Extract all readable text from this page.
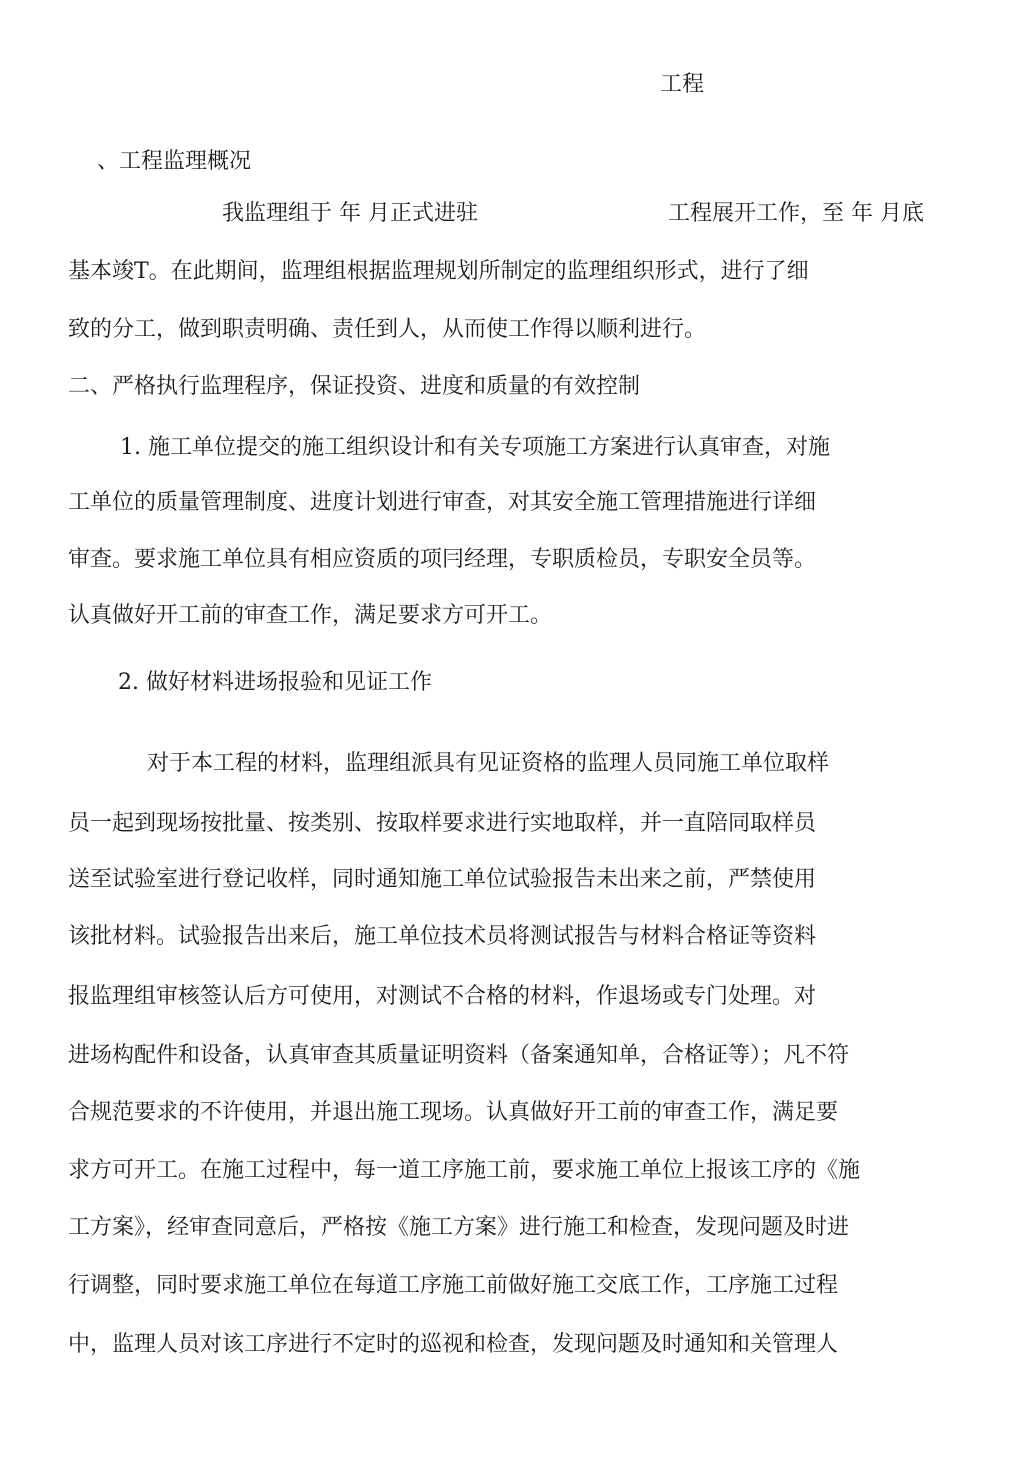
工程
、工程监理概况
我监理组于 年 月正式进驻	工程展开工作，至 年 月底
基本竣T。在此期间，监理组根据监理规划所制定的监理组织形式，进行了细
致的分工，做到职责明确、责任到人，从而使工作得以顺利进行。
二、严格执行监理程序，保证投资、进度和质量的有效控制
1. 施工单位提交的施工组织设计和有关专项施工方案进行认真审查，对施
工单位的质量管理制度、进度计划进行审查，对其安全施工管理措施进行详细
审查。要求施工单位具有相应资质的项冃经理，专职质检员，专职安全员等。
认真做好开工前的审查工作，满足要求方可开工。
2. 做好材料进场报验和见证工作
对于本工程的材料，监理组派具有见证资格的监理人员同施工单位取样
员一起到现场按批量、按类别、按取样要求进行实地取样，并一直陪同取样员
送至试验室进行登记收样，同时通知施工单位试验报告未出来之前，严禁使用
该批材料。试验报告出来后，施工单位技术员将测试报告与材料合格证等资料
报监理组审核签认后方可使用，对测试不合格的材料，作退场或专门处理。对
进场构配件和设备，认真审查其质量证明资料（备案通知单，合格证等）；凡不符
合规范要求的不许使用，并退出施工现场。认真做好开工前的审查工作，满足要
求方可开工。在施工过程中，每一道工序施工前，要求施工单位上报该工序的《施
工方案》，经审查同意后，严格按《施工方案》进行施工和检查，发现问题及时进
行调整，同时要求施工单位在每道工序施工前做好施工交底工作，工序施工过程
中，监理人员对该工序进行不定时的巡视和检查，发现问题及时通知和关管理人
